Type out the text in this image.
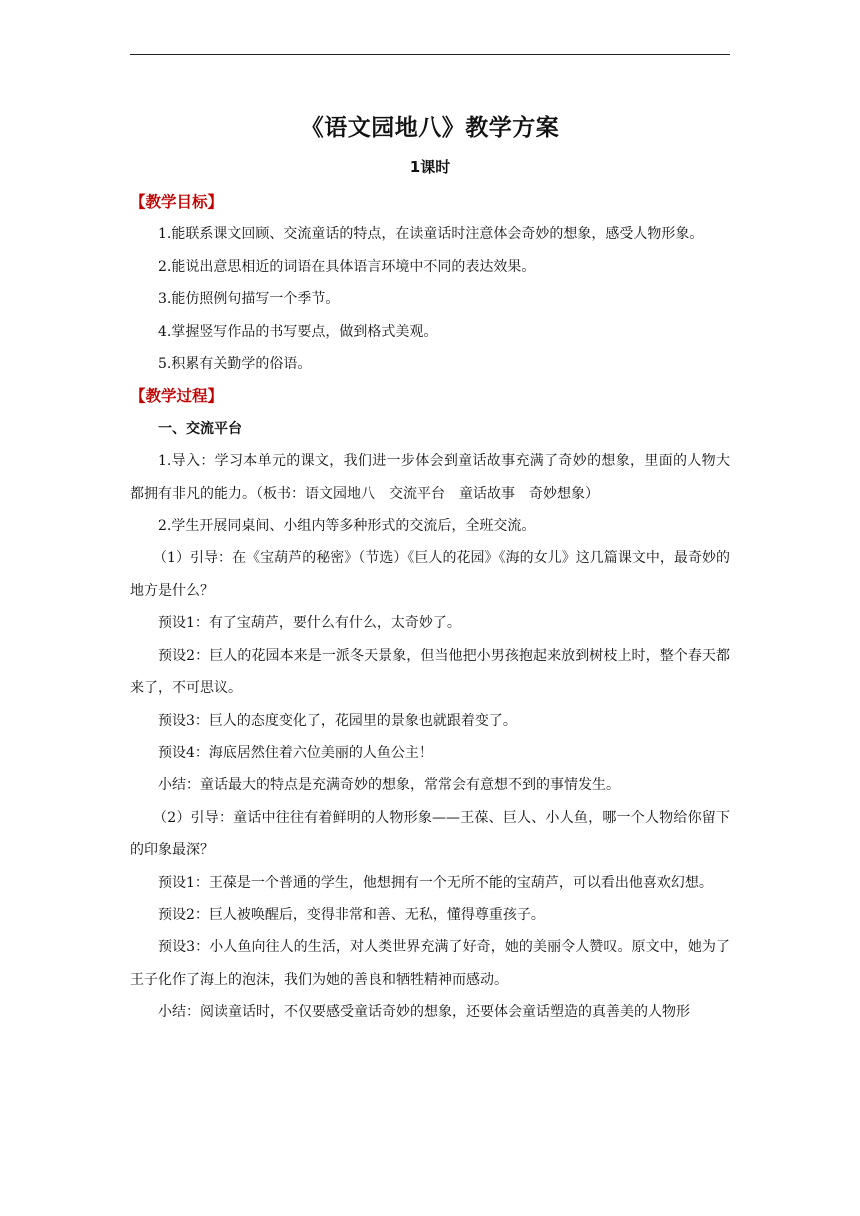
《语文园地八》教学方案
1课时

【教学目标】

1.能联系课文回顾、交流童话的特点，在读童话时注意体会奇妙的想象，感受人物形象。

2.能说出意思相近的词语在具体语言环境中不同的表达效果。

3.能仿照例句描写一个季节。

4.掌握竖写作品的书写要点，做到格式美观。

5.积累有关勤学的俗语。

【教学过程】

一、交流平台

1.导入：学习本单元的课文，我们进一步体会到童话故事充满了奇妙的想象，里面的人物大都拥有非凡的能力。（板书：语文园地八　交流平台　童话故事　奇妙想象）

2.学生开展同桌间、小组内等多种形式的交流后，全班交流。

（1）引导：在《宝葫芦的秘密》（节选）《巨人的花园》《海的女儿》这几篇课文中，最奇妙的地方是什么？

预设1：有了宝葫芦，要什么有什么，太奇妙了。

预设2：巨人的花园本来是一派冬天景象，但当他把小男孩抱起来放到树枝上时，整个春天都来了，不可思议。

预设3：巨人的态度变化了，花园里的景象也就跟着变了。

预设4：海底居然住着六位美丽的人鱼公主！

小结：童话最大的特点是充满奇妙的想象，常常会有意想不到的事情发生。

（2）引导：童话中往往有着鲜明的人物形象——王葆、巨人、小人鱼，哪一个人物给你留下的印象最深？

预设1：王葆是一个普通的学生，他想拥有一个无所不能的宝葫芦，可以看出他喜欢幻想。

预设2：巨人被唤醒后，变得非常和善、无私，懂得尊重孩子。

预设3：小人鱼向往人的生活，对人类世界充满了好奇，她的美丽令人赞叹。原文中，她为了王子化作了海上的泡沫，我们为她的善良和牺牲精神而感动。

小结：阅读童话时，不仅要感受童话奇妙的想象，还要体会童话塑造的真善美的人物形
